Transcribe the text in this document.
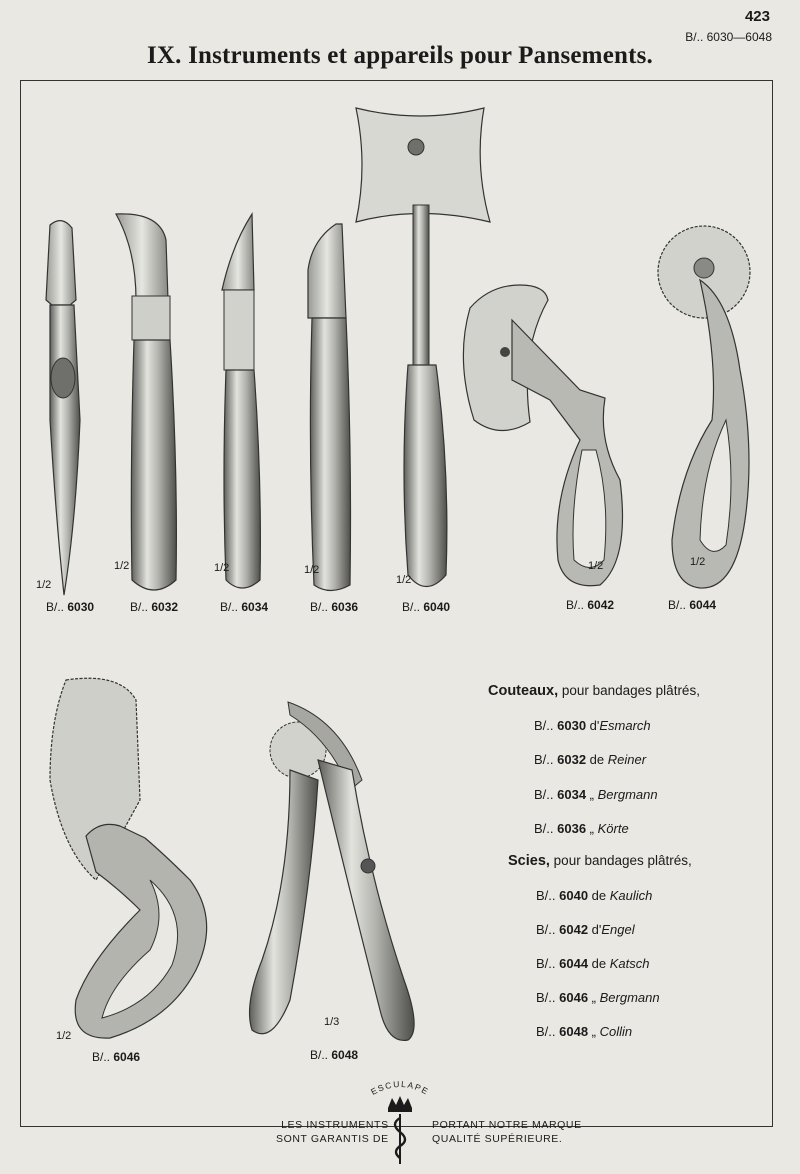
423
B/.. 6030—6048
IX. Instruments et appareils pour Pansements.
1/2
1/2	1/2	1/2
1/2
1/2	1/2
1/2
1/3
B/.. 6030	B/.. 6032	B/.. 6034	B/.. 6036	B/.. 6040	B/.. 6042	B/.. 6044
B/.. 6046	B/.. 6048
Couteaux, pour bandages plâtrés,
B/.. 6030 d'Esmarch
B/.. 6032 de Reiner
B/.. 6034 „ Bergmann
B/.. 6036 „ Körte
Scies, pour bandages plâtrés,
B/.. 6040 de Kaulich
B/.. 6042 d'Engel
B/.. 6044 de Katsch
B/.. 6046 „ Bergmann
B/.. 6048 „ Collin
ESCULAPE
LES INSTRUMENTS
SONT GARANTIS DE
PORTANT NOTRE MARQUE
QUALITÉ SUPÉRIEURE.
